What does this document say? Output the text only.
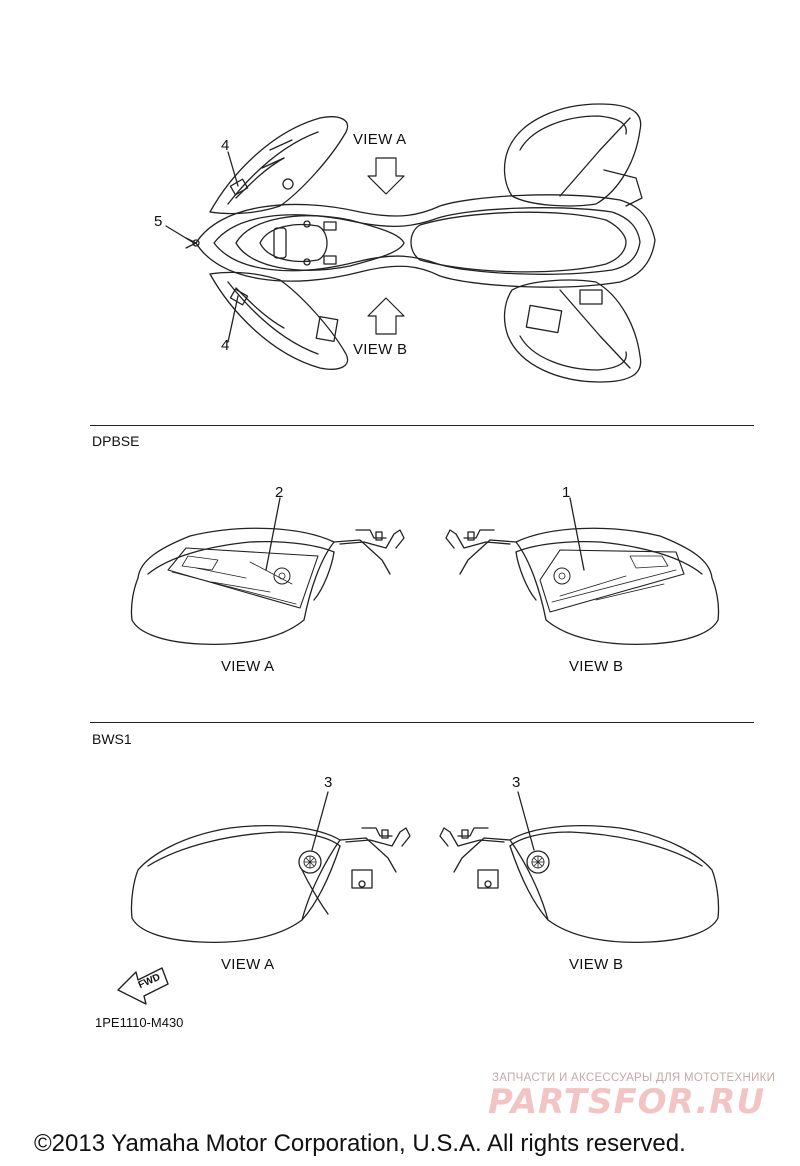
VIEW A
VIEW B
4
5
4
DPBSE
2	1
VIEW A	VIEW B
BWS1
3	3
VIEW A	VIEW B
FWD
1PE1110-M430
ЗАПЧАСТИ И АКСЕССУАРЫ ДЛЯ МОТОТЕХНИКИ
PARTSFOR.RU
©2013 Yamaha Motor Corporation, U.S.A. All rights reserved.
